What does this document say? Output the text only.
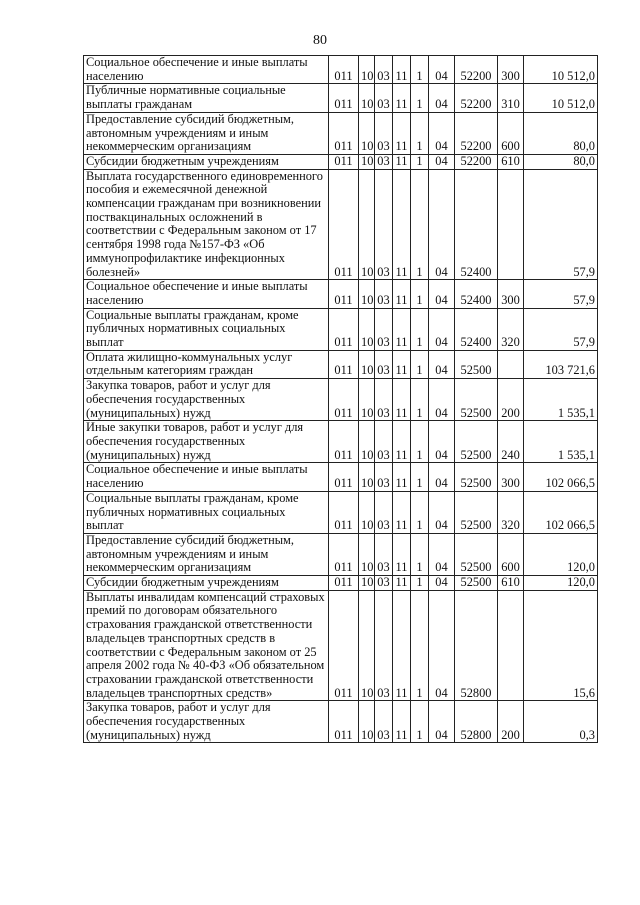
80
Социальное обеспечение и иные выплаты населению	011	10	03	11	1	04	52200	300	10 512,0
Публичные нормативные социальные выплаты гражданам	011	10	03	11	1	04	52200	310	10 512,0
Предоставление субсидий бюджетным, автономным учреждениям и иным некоммерческим организациям	011	10	03	11	1	04	52200	600	80,0
Субсидии бюджетным учреждениям	011	10	03	11	1	04	52200	610	80,0
Выплата государственного единовременного пособия и ежемесячной денежной компенсации гражданам при возникновении поствакцинальных осложнений в соответствии с Федеральным законом от 17 сентября 1998 года №157-ФЗ «Об иммунопрофилактике инфекционных болезней»	011	10	03	11	1	04	52400		57,9
Социальное обеспечение и иные выплаты населению	011	10	03	11	1	04	52400	300	57,9
Социальные выплаты гражданам, кроме публичных нормативных социальных выплат	011	10	03	11	1	04	52400	320	57,9
Оплата жилищно-коммунальных услуг отдельным категориям граждан	011	10	03	11	1	04	52500		103 721,6
Закупка товаров, работ и услуг для обеспечения государственных (муниципальных) нужд	011	10	03	11	1	04	52500	200	1 535,1
Иные закупки товаров, работ и услуг для обеспечения государственных (муниципальных) нужд	011	10	03	11	1	04	52500	240	1 535,1
Социальное обеспечение и иные выплаты населению	011	10	03	11	1	04	52500	300	102 066,5
Социальные выплаты гражданам, кроме публичных нормативных социальных выплат	011	10	03	11	1	04	52500	320	102 066,5
Предоставление субсидий бюджетным, автономным учреждениям и иным некоммерческим организациям	011	10	03	11	1	04	52500	600	120,0
Субсидии бюджетным учреждениям	011	10	03	11	1	04	52500	610	120,0
Выплаты инвалидам компенсаций страховых премий по договорам обязательного страхования гражданской ответственности владельцев транспортных средств в соответствии с Федеральным законом от 25 апреля 2002 года № 40-ФЗ «Об обязательном страховании гражданской ответственности владельцев транспортных средств»	011	10	03	11	1	04	52800		15,6
Закупка товаров, работ и услуг для обеспечения государственных (муниципальных) нужд	011	10	03	11	1	04	52800	200	0,3
